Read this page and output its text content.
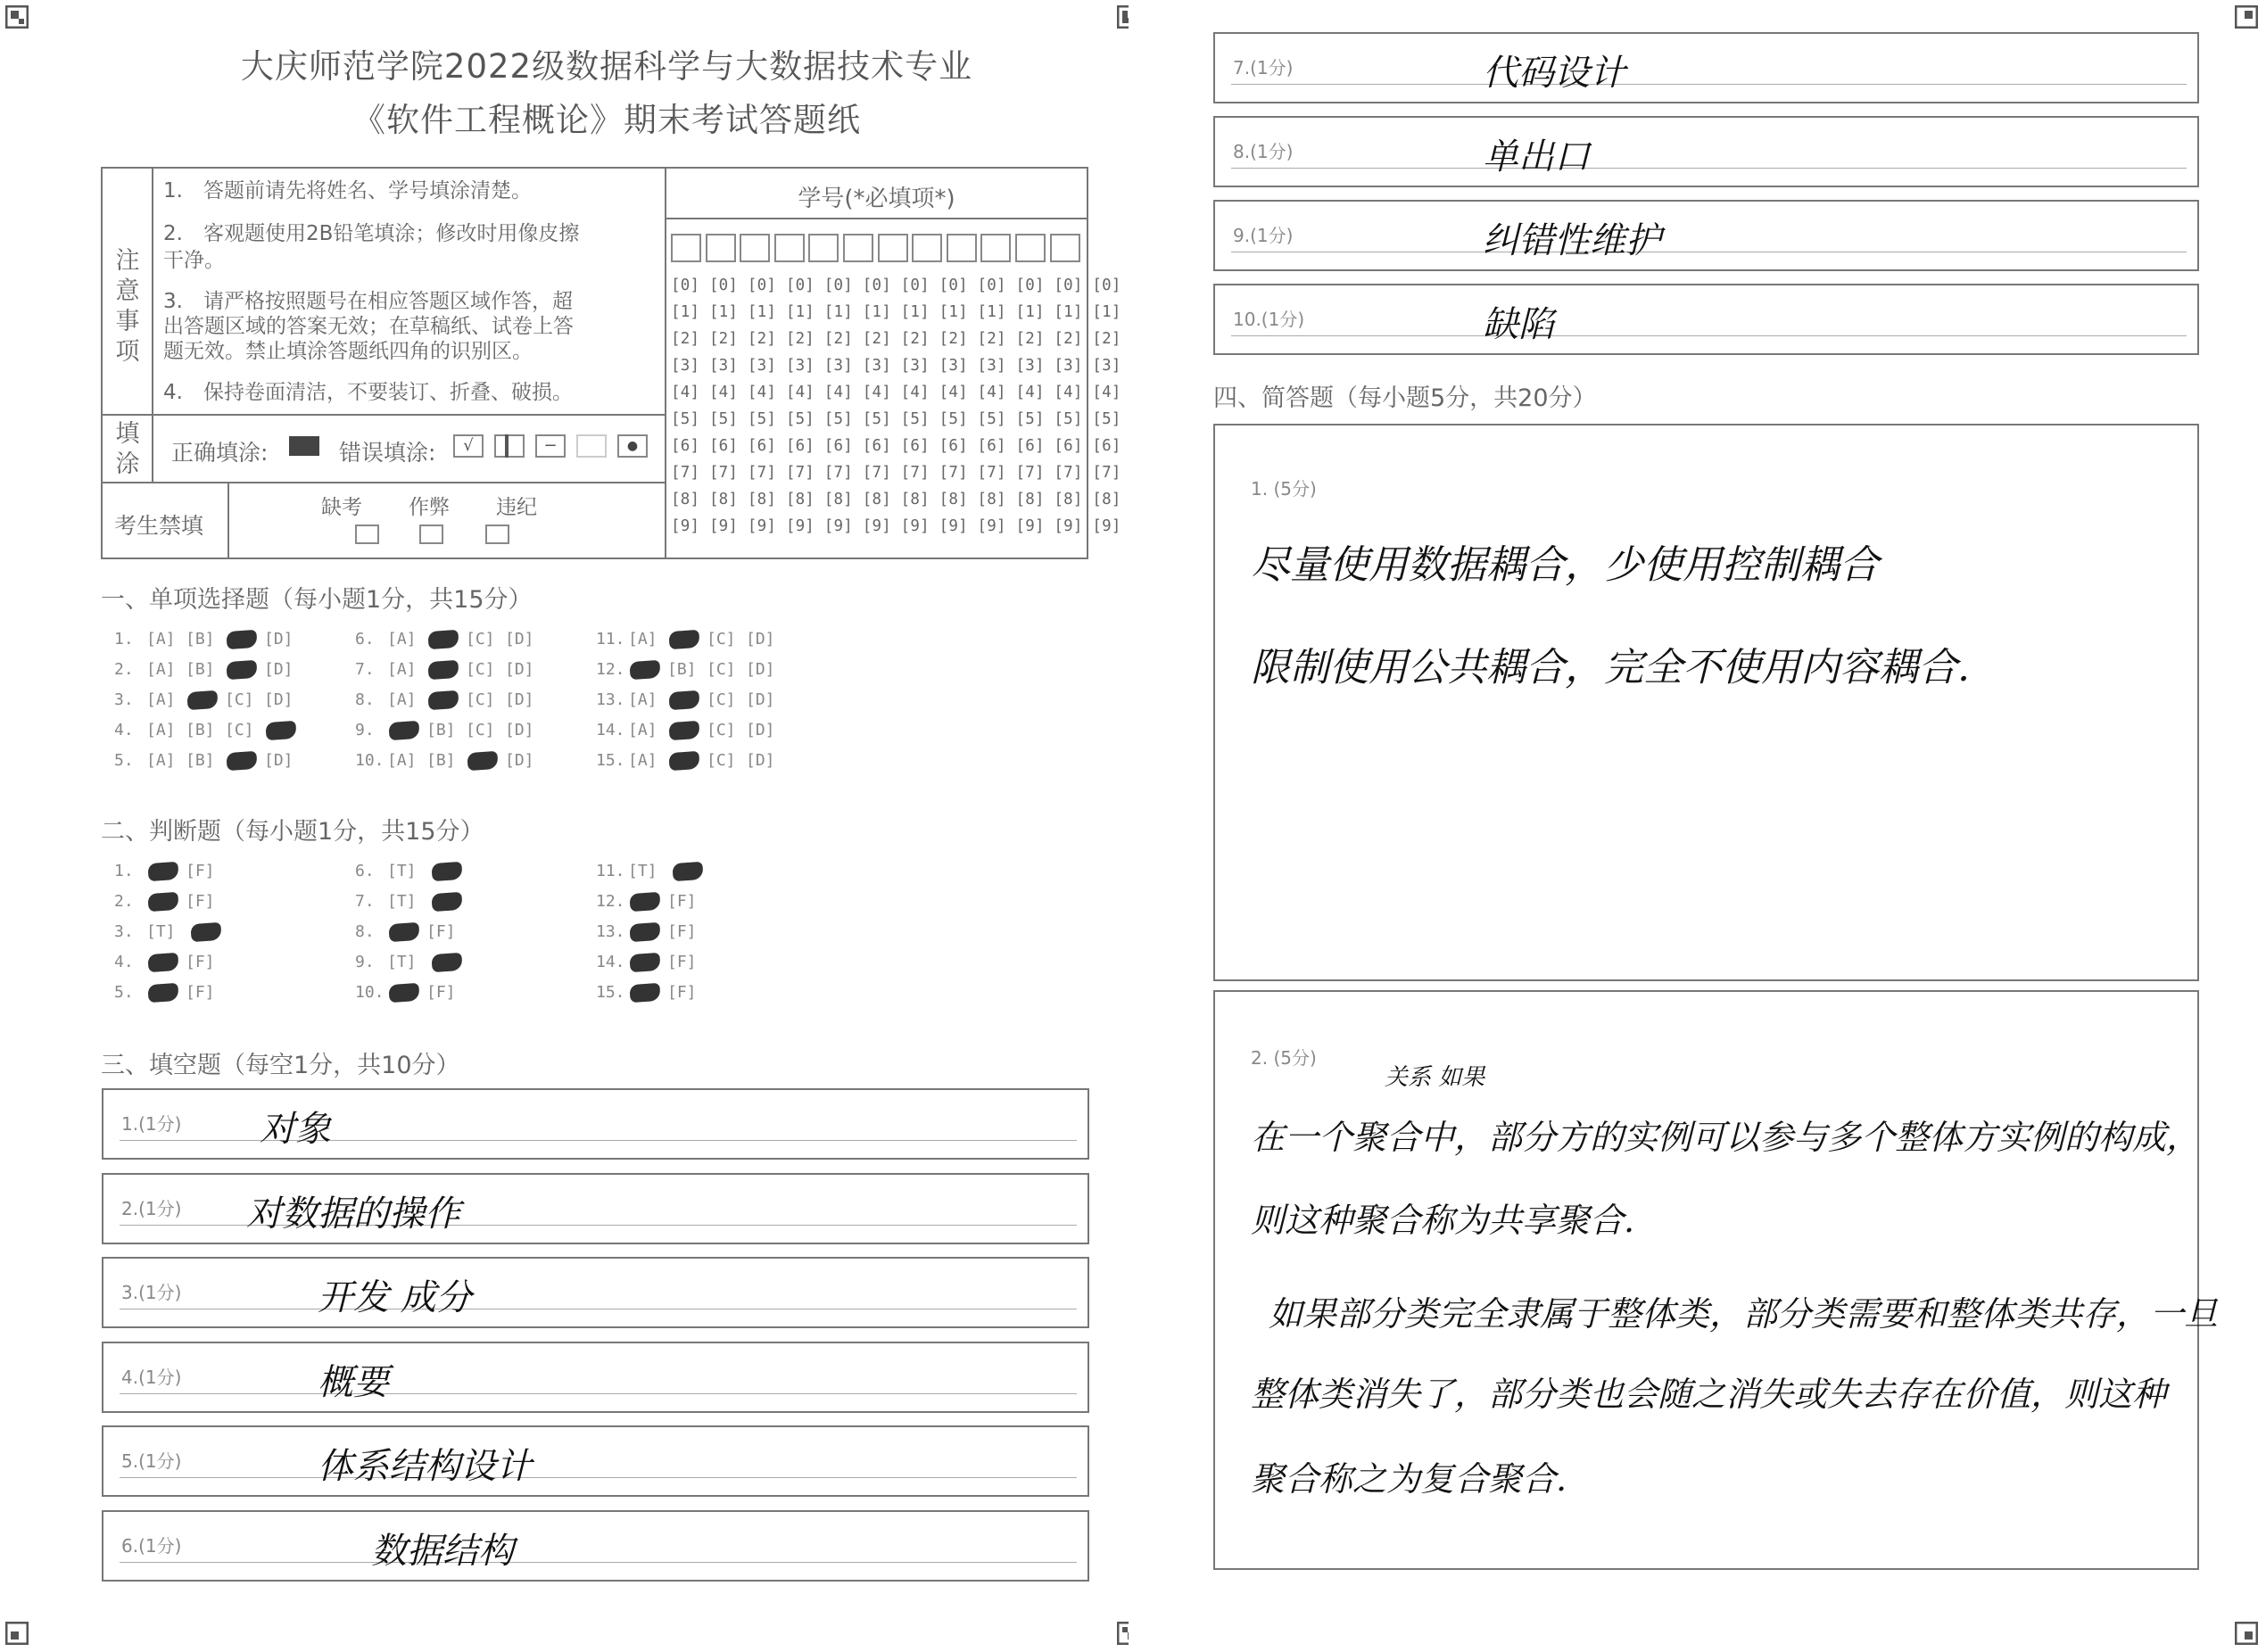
大庆师范学院2022级数据科学与大数据技术专业
《软件工程概论》期末考试答题纸
注意事项
1.　答题前请先将姓名、学号填涂清楚。
2.　客观题使用2B铅笔填涂；修改时用像皮擦
干净。
3.　请严格按照题号在相应答题区域作答，超
出答题区域的答案无效；在草稿纸、试卷上答
题无效。禁止填涂答题纸四角的识别区。
4.　保持卷面清洁，不要装订、折叠、破损。
填涂 正确填涂:	错误填涂:	√	−	●
考生禁填
缺考 作弊 违纪
学号(*必填项*)
[0] [0] [0] [0] [0] [0] [0] [0] [0] [0] [0] [0]
[1] [1] [1] [1] [1] [1] [1] [1] [1] [1] [1] [1]
[2] [2] [2] [2] [2] [2] [2] [2] [2] [2] [2] [2]
[3] [3] [3] [3] [3] [3] [3] [3] [3] [3] [3] [3]
[4] [4] [4] [4] [4] [4] [4] [4] [4] [4] [4] [4]
[5] [5] [5] [5] [5] [5] [5] [5] [5] [5] [5] [5]
[6] [6] [6] [6] [6] [6] [6] [6] [6] [6] [6] [6]
[7] [7] [7] [7] [7] [7] [7] [7] [7] [7] [7] [7]
[8] [8] [8] [8] [8] [8] [8] [8] [8] [8] [8] [8]
[9] [9] [9] [9] [9] [9] [9] [9] [9] [9] [9] [9]
一、单项选择题（每小题1分，共15分）
1. [A] [B]	[D]
2. [A] [B]	[D]
3. [A]	[C] [D]
4. [A] [B] [C]
5. [A] [B]	[D]
6. [A]	[C] [D]
7. [A]	[C] [D]
8. [A]	[C] [D]
9.	[B] [C] [D]
10. [A] [B]	[D]
11. [A]	[C] [D]
12.	[B] [C] [D]
13. [A]	[C] [D]
14. [A]	[C] [D]
15. [A]	[C] [D]
二、判断题（每小题1分，共15分）
1.	[F]
2.	[F]
3. [T]
4.	[F]
5.	[F]
6. [T]
7. [T]
8.	[F]
9. [T]
10.	[F]
11. [T]
12.	[F]
13.	[F]
14.	[F]
15.	[F]
三、填空题（每空1分，共10分）
1.(1分) 对象
2.(1分) 对数据的操作
3.(1分)	开发 成分
4.(1分)	概要
5.(1分)	体系结构设计
6.(1分)	数据结构
7.(1分)	代码设计
8.(1分)	单出口
9.(1分)	纠错性维护
10.(1分)	缺陷
四、简答题（每小题5分，共20分）
1. (5分)
尽量使用数据耦合，少使用控制耦合
限制使用公共耦合，完全不使用内容耦合.
2. (5分)
关系 如果
在一个聚合中，部分方的实例可以参与多个整体方实例的构成，
则这种聚合称为共享聚合.
如果部分类完全隶属于整体类，部分类需要和整体类共存，一旦
整体类消失了，部分类也会随之消失或失去存在价值，则这种
聚合称之为复合聚合.
